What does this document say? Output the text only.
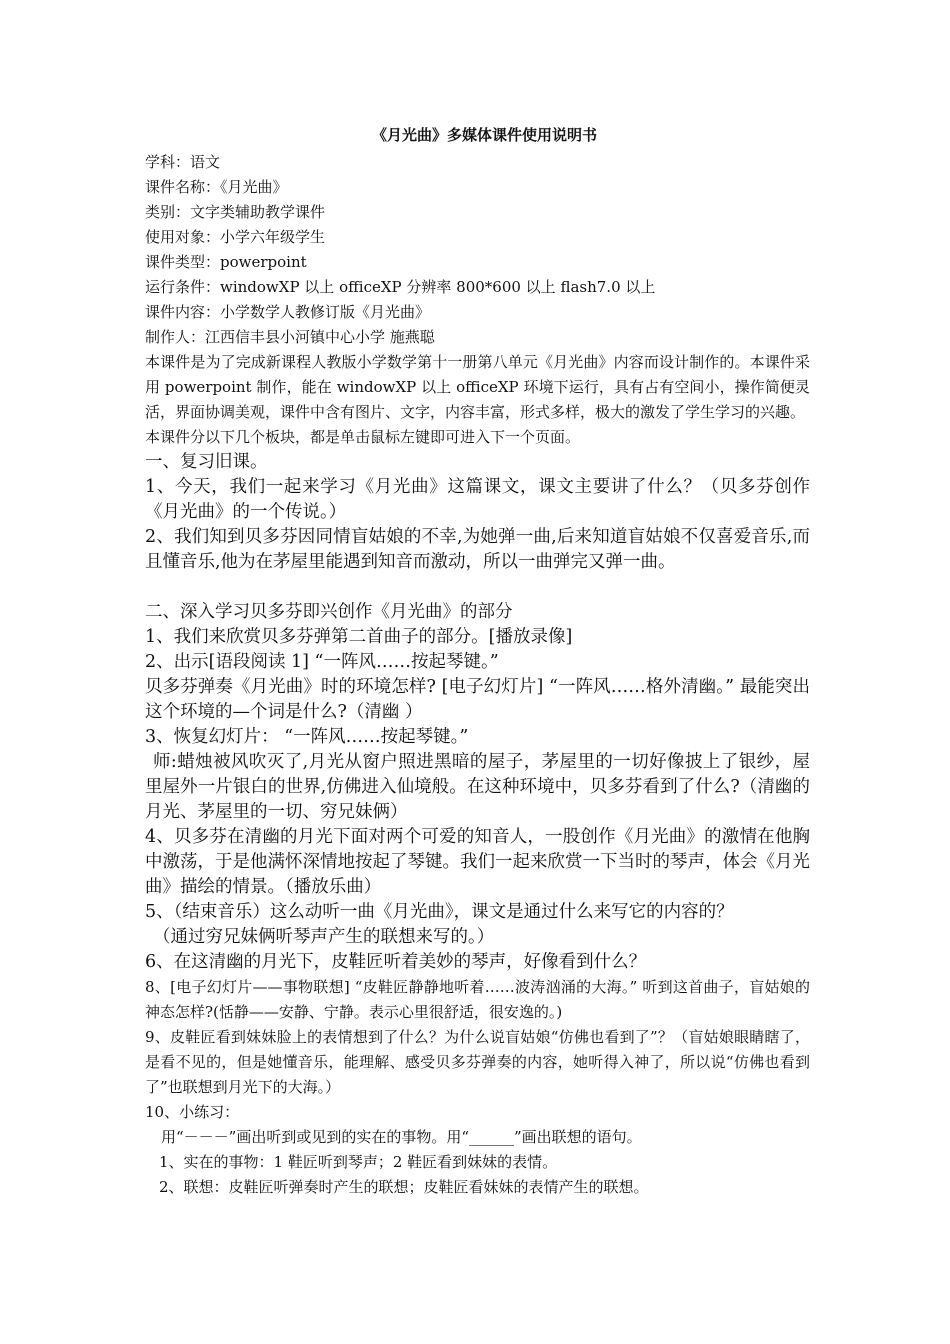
《月光曲》多媒体课件使用说明书

学科：语文

课件名称：《月光曲》

类别：文字类辅助教学课件

使用对象：小学六年级学生

课件类型：powerpoint

运行条件：windowXP 以上 officeXP 分辨率 800*600 以上 flash7.0 以上

课件内容：小学数学人教修订版《月光曲》

制作人：江西信丰县小河镇中心小学 施燕聪

本课件是为了完成新课程人教版小学数学第十一册第八单元《月光曲》内容而设计制作的。本课件采用 powerpoint 制作，能在 windowXP 以上 officeXP 环境下运行，具有占有空间小，操作简便灵活，界面协调美观，课件中含有图片、文字，内容丰富，形式多样，极大的激发了学生学习的兴趣。

本课件分以下几个板块，都是单击鼠标左键即可进入下一个页面。

一、复习旧课。

1、今天，我们一起来学习《月光曲》这篇课文，课文主要讲了什么？（贝多芬创作《月光曲》的一个传说。）

2、我们知到贝多芬因同情盲姑娘的不幸,为她弹一曲,后来知道盲姑娘不仅喜爱音乐,而且懂音乐,他为在茅屋里能遇到知音而激动，所以一曲弹完又弹一曲。

二、深入学习贝多芬即兴创作《月光曲》的部分

1、我们来欣赏贝多芬弹第二首曲子的部分。[播放录像]

2、出示[语段阅读 1] “一阵风……按起琴键。”

贝多芬弹奏《月光曲》时的环境怎样? [电子幻灯片] “一阵风……格外清幽。” 最能突出这个环境的—个词是什么?（清幽 ）

3、恢复幻灯片： “一阵风……按起琴键。”

师:蜡烛被风吹灭了,月光从窗户照进黑暗的屋子，茅屋里的一切好像披上了银纱，屋里屋外一片银白的世界,仿佛进入仙境般。在这种环境中，贝多芬看到了什么?（清幽的月光、茅屋里的一切、穷兄妹俩）

4、贝多芬在清幽的月光下面对两个可爱的知音人，一股创作《月光曲》的激情在他胸中激荡，于是他满怀深情地按起了琴键。我们一起来欣赏一下当时的琴声，体会《月光曲》描绘的情景。（播放乐曲）

5、（结束音乐）这么动听一曲《月光曲》，课文是通过什么来写它的内容的？

（通过穷兄妹俩听琴声产生的联想来写的。）

6、在这清幽的月光下，皮鞋匠听着美妙的琴声，好像看到什么？

8、[电子幻灯片——事物联想] “皮鞋匠静静地听着……波涛汹涌的大海。” 听到这首曲子，盲姑娘的神态怎样?(恬静——安静、宁静。表示心里很舒适，很安逸的。)

9、皮鞋匠看到妹妹脸上的表情想到了什么？为什么说盲姑娘“仿佛也看到了”？（盲姑娘眼睛瞎了，是看不见的，但是她懂音乐，能理解、感受贝多芬弹奏的内容，她听得入神了，所以说“仿佛也看到了”也联想到月光下的大海。）

10、小练习：

用“－－－”画出听到或见到的实在的事物。用“______”画出联想的语句。

1、实在的事物：1 鞋匠听到琴声；2 鞋匠看到妹妹的表情。

2、联想：皮鞋匠听弹奏时产生的联想；皮鞋匠看妹妹的表情产生的联想。
